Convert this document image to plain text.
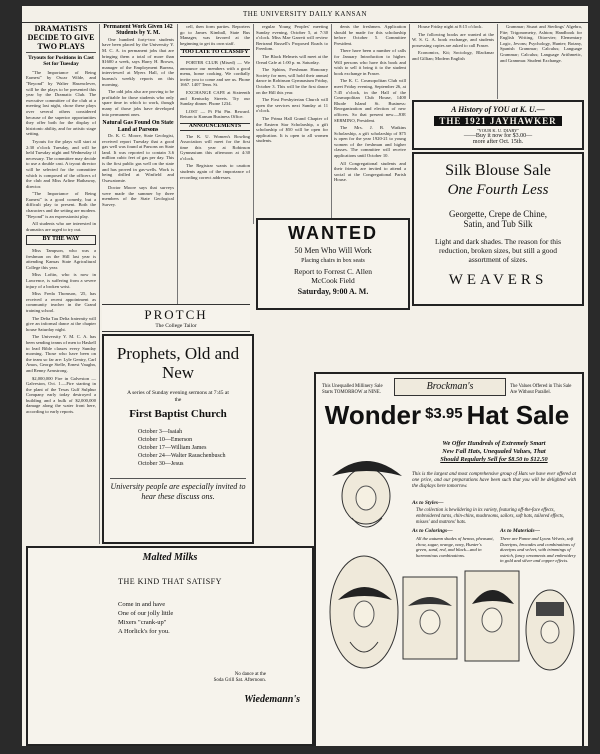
THE UNIVERSITY DAILY KANSAN
DRAMATISTS DECIDE TO GIVE TWO PLAYS
Tryouts for Positions in Cast Set for Tuesday

"The Importance of Being Earnest" by Oscar Wilde, and "Beyond" by Walter Hasenclever, will be the plays to be presented this year by the Dramatic Club. The executive committee of the club at a meeting last night, chose these plays over several others considered because of the superior opportunities they offer both for the display of histrionic ability, and for artistic stage setting.

Tryouts for the plays will start at 2:30 o'clock Tuesday, and will be held Tuesday night and Wednesday if necessary. The committee may decide to use a double cast. A tryout director will be selected for the committee which is composed of the officers of the club and Miss Arline Hathaway, director.

"The Importance of Being Earnest" is a good comedy, but a difficult play to present. Both the characters and the setting are modern. "Beyond" is an expressionist play.

All students who are interested in dramatics are urged to try out.

BY THE WAY

Miss Tampson, who was a freshman on the Hill last year is attending Kansas State Agricultural College this year.

Miss Loftin, who is now in Lawrence, is suffering from a severe injury of a broken wrist.

Miss Freda Thomson, '25, has received a recent appointment as community teacher in the Grand training school.

The Delta Tau Delta fraternity will give an informal dance at the chapter house Saturday night.

The University Y. M. C. A. has been sending teams of men to Haskell to lead Bible classes every Sunday morning. Those who have been on the team so far are: Lyle Gentry, Carl Amos, George Stelle, Ernest Vaughn, and Renny Armstrong.

$2,000,000 Fire in Galveston — Galveston, Oct. 1.—Fire starting in the plant of the Texas Gulf Sulphur Company early today destroyed a building and a bulk of $2,000,000 damage along the water front here, according to early reports.

Permanent Work Given 142 Students by Y. M.

One hundred forty-two students have been placed by the University Y. M. C. A. in permanent jobs that are bringing them a total of more than $1600 a week, says Harry H. Brown, manager of the Employment Bureau, interviewed at Myers Hall, of the bureau's weekly reports on this morning.

The odd jobs also are proving to be profitable for those students who only spare time in which to work, though many of those jobs have developed into permanent ones.

Natural Gas Found On State Land at Parsons

Dr. K. C. Moore, State Geologist, received report Tuesday that a good gas well was found at Parsons on State land. It was reported to contain 3.6 million cubic feet of gas per day. This is the first public gas well on the state and has proved in gas-wells. Work is being drilled at Winfield and Osawatomie.

Doctor Moore says that surveys were made the summer by three members of the State Geological Survey.

cell, then form parties. Reporters go to James Kimball, State Bus Manager, was favored at the beginning to get its own staff.

TOO LATE TO CLASSIFY

PORTER CLUB (Mixed) — We announce our members with a good menu, home cooking. We cordially invite you to come and see us. Phone 1667. 1407 Tenn. St.

EXCHANGE CAFE at Sixteenth and Kentucky Streets. Try our Sunday dinner. Phone 1234.

LOST — Pi Phi Pin. Reward. Return to Kansan Business Office.

ANNOUNCEMENTS

The K. U. Women's Bowling Association will meet for the first time this year at Robinson Gymnasium this afternoon at 4:30 o'clock.

The Registrar wants to caution students again of the importance of recording correct addresses.

regular Young Peoples' meeting Sunday evening, October 5, at 7:30 o'clock. Miss Mae Garrett will review Bertrand Russell's Proposed Roads to Freedom.

The Black Helmets will meet at the Oread Cafe at 1:00 p. m. Saturday.

The Sphinx, Freshman Honorary Society for men, will hold their annual dance in Robinson Gymnasium Friday, October 3. This will be the first dance on the Hill this year.

The First Presbyterian Church will open the services next Sunday at 11 o'clock.

The Prima Hall Grand Chapter of the Eastern Star Scholarship, a gift scholarship of $50 will be open for application. It is open to all women students.

dents the freshmen. Application should be made for this scholarship before October 5. Committee President.

There have been a number of calls for January Introduction to higher. Will persons who have this book and wish to sell it bring it to the student book exchange in Fraser.

The K. C. Cosmopolitan Club will meet Friday evening, September 26, at 7:45 o'clock, in the Hall of the Cosmopolitan Club House, 1400 Rhode Island St. Business: Reorganization and election of new officers. So that present new—JOE SERMINO, President.

The Mrs. J. B. Watkins Scholarship, a gift scholarship of $75 is open for the year 1920-21 to young women of the freshman and higher classes. The committee will receive applications until October 10.

All Congregational students and their friends are invited to attend a social at the Congregational Parish House.

House Friday night at 8:15 o'clock.

The following books are wanted at the W. S. G. A. book exchange, and students possessing copies are asked to call Fraser.

Economics, Kit; Sociology, Blackmar and Gillian; Modern English

Grammar; Stuart and Sterlings' Algebra, Fite; Trigonometry, Ashton; Handbook for English Writing, Ottavvier; Elementary Logic, Jevons; Psychology, Hunter; Botany, Spanish Grammar; Calculus; Language Grammar; Calculus; Language Arithmetic, and Grammar. Student Exchange.

A History of YOU at K. U.—
THE 1921 JAYHAWKER
"YOUR K. U. DIARY"
——Buy it now for $3.00—
more after Oct. 15th.
Silk Blouse Sale
One Fourth Less
Georgette, Crepe de Chine,
Satin, and Tub Silk
Light and dark shades. The reason for this reduction, broken sizes, but still a good assortment of sizes.
WEAVERS
WANTED
50 Men Who Will Work
Placing chairs in box seats
Report to Forrest C. Allen
McCook Field
Saturday, 9:00 A. M.
PROTCH
The College Tailor
Prophets, Old and New
A series of Sunday evening sermons at 7:45 at the
First Baptist Church
October 3—Isaiah
October 10—Emerson
October 17—William James
October 24—Walter Rauschenbusch
October 30—Jesus
University people are especially invited to hear these discuss ons.
Malted Milks
THE KIND THAT SATISFY
Come in and have
One of our jolly little
Mixers "crank-up"
A Horlick's for you.
No dance at the
Soda Grill Sat. Afternoon.
Wiedemann's
Brockman's
This Unequalled Millinery Sale Starts TOMORROW at NINE.
The Values Offered in This Sale Are Without Parallel.
Wonder $3.95 Hat Sale
We Offer Hundreds of Extremely Smart
New Fall Hats, Unequaled Values, That
Should Regularly Sell for $8.50 to $12.50
This is the largest and most comprehensive group of Hats we have ever offered at one price, and our preparations have been such that you will be delighted with the displays here tomorrow.
As to Styles—
The collection is bewildering in its variety, featuring off-the-face effects, embroidered turns, chin-chins, mushrooms, sailors, soft hats, tailored effects, misses' and matrons' hats.
As to Colorings—
All the autumn shades of henna, pheasant, chow, sugar, orange, navy, Hunter's green, sand, red, and black—and in harmonious combinations.
As to Materials—
There are Panne and Lyons Velvets, soft Duvetyns, brocades and combinations of duvetyns and velvet, with trimmings of ostrich, fancy ornaments and embroidery in gold and silver and copper effects.
